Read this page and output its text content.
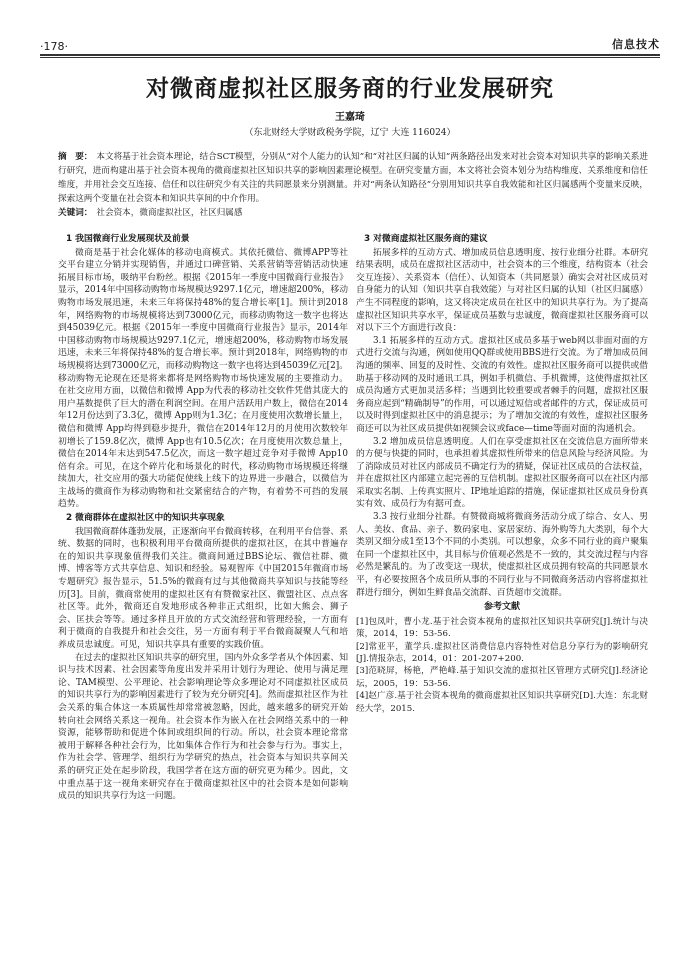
·178·	信息技术
对微商虚拟社区服务商的行业发展研究
王嘉琦
（东北财经大学财政税务学院，辽宁 大连 116024）
摘　要： 本文将基于社会资本理论，结合SCT模型，分别从“对个人能力的认知”和“对社区归属的认知”两条路径出发来对社会资本对知识共享的影响关系进行研究，进而构建出基于社会资本视角的微商虚拟社区知识共享的影响因素理论模型。在研究变量方面，本文将社会资本划分为结构维度、关系维度和信任维度，并用社会交互连接、信任和以往研究少有关注的共同愿景来分别测量。并对“两条认知路径”分别用知识共享自我效能和社区归属感两个变量来反映，探索这两个变量在社会资本和知识共享间的中介作用。
关键词： 社会资本，微商虚拟社区，社区归属感
1 我国微商行业发展现状及前景

微商是基于社会化媒体的移动电商模式。其依托微信、微博APP等社交平台建立分销并实现销售，并通过口碑营销、关系营销等营销活动快速拓展目标市场，吸纳平台粉丝。根据《2015年一季度中国微商行业报告》显示，2014年中国移动购物市场规模达9297.1亿元，增速超200%，移动购物市场发展迅速，未来三年将保持48%的复合增长率[1]。预计到2018年，网络购物的市场规模将达到73000亿元，而移动购物这一数字也将达到45039亿元。根据《2015年一季度中国微商行业报告》显示，2014年中国移动购物市场规模达9297.1亿元，增速超200%，移动购物市场发展迅速，未来三年将保持48%的复合增长率。预计到2018年，网络购物的市场规模将达到73000亿元，而移动购物这一数字也将达到45039亿元[2]。移动购物无论现在还是将来都将是网络购物市场快速发展的主要推动力。在社交应用方面，以微信和微博 App为代表的移动社交软件凭借其庞大的用户基数提供了巨大的潜在利润空间。在用户活跃用户数上，微信在2014年12月份达到了3.3亿，微博 App则为1.3亿；在月度使用次数增长量上，微信和微博 App均得到稳步提升，微信在2014年12月的月使用次数较年初增长了159.8亿次，微博 App也有10.5亿次；在月度使用次数总量上，微信在2014年末达到547.5亿次，而这一数字超过竞争对手微博 App10倍有余。可见，在这个碎片化和场景化的时代，移动购物市场规模还将继续加大，社交应用的强大功能促使线上线下的边界进一步融合，以微信为主战场的微商作为移动购物和社交紧密结合的产物，有着势不可挡的发展趋势。

2 微商群体在虚拟社区中的知识共享现象

我国微商群体蓬勃发展，正逐渐向平台微商转移，在利用平台信誉、系统、数据的同时，也积极利用平台微商所提供的虚拟社区，在其中普遍存在的知识共享现象值得我们关注。微商间通过BBS论坛、微信社群、微博、博客等方式共享信息、知识和经验。易观智库《中国2015年微商市场专题研究》报告显示，51.5%的微商有过与其他微商共享知识与技能等经历[3]。目前，微商常使用的虚拟社区有有赞微家社区、微盟社区、点点客社区等。此外，微商还自发地形成各种非正式组织，比如大熊会、狮子会、匡扶会等等。通过多样且开放的方式交流经营和管理经验，一方面有利于微商的自我提升和社会交往，另一方面有利于平台微商凝聚人气和培养成员忠诚度。可见，知识共享具有重要的实践价值。

在过去的虚拟社区知识共享的研究里，国内外众多学者从个体因素、知识与技术因素、社会因素等角度出发并采用计划行为理论、使用与满足理论、TAM模型、公平理论、社会影响理论等众多理论对不同虚拟社区成员的知识共享行为的影响因素进行了较为充分研究[4]。然而虚拟社区作为社会关系的集合体这一本质属性却常常被忽略，因此，越来越多的研究开始转向社会网络关系这一视角。社会资本作为嵌入在社会网络关系中的一种资源，能够帮助和促进个体间或组织间的行动。所以，社会资本理论常常被用于解释各种社会行为，比如集体合作行为和社会参与行为。事实上，作为社会学、管理学、组织行为学研究的热点，社会资本与知识共享间关系的研究正处在起步阶段，我国学者在这方面的研究更为稀少。因此，文中重点基于这一视角来研究存在于微商虚拟社区中的社会资本是如何影响成员的知识共享行为这一问题。

3 对微商虚拟社区服务商的建议

拓展多样的互动方式、增加成员信息透明度、按行业细分社群。本研究结果表明，成员在虚拟社区活动中，社会资本的三个维度，结构资本（社会交互连接）、关系资本（信任）、认知资本（共同愿景）确实会对社区成员对自身能力的认知（知识共享自我效能）与对社区归属的认知（社区归属感）产生不同程度的影响，这又将决定成员在社区中的知识共享行为。为了提高虚拟社区知识共享水平，保证成员基数与忠诚度，微商虚拟社区服务商可以对以下三个方面进行改良：

3.1 拓展多样的互动方式。虚拟社区成员多基于web网以非面对面的方式进行交流与沟通，例如使用QQ群或使用BBS进行交流。为了增加成员间沟通的频率、回复的及时性、交流的有效性。虚拟社区服务商可以提供或借助基于移动网的及时通讯工具，例如手机微信、手机微博，这使得虚拟社区成员沟通方式更加灵活多样；当遇到比较重要或者棘手的问题，虚拟社区服务商应起到“精确制导”的作用，可以通过短信或者邮件的方式，保证成员可以及时得到虚拟社区中的消息提示；为了增加交流的有效性，虚拟社区服务商还可以为社区成员提供如视频会议或face—time等面对面的沟通机会。

3.2 增加成员信息透明度。人们在享受虚拟社区在交流信息方面所带来的方便与快捷的同时，也承担着其虚拟性所带来的信息风险与经济风险。为了消除成员对社区内部成员不确定行为的猜疑，保证社区成员的合法权益，并在虚拟社区内部建立起完善的互信机制。虚拟社区服务商可以在社区内部采取实名制、上传真实照片、IP地址追踪的措施，保证虚拟社区成员身份真实有效、成员行为有据可查。

3.3 按行业细分社群。有赞微商城将微商务活动分成了综合、女人、男人、美妆、食品、亲子、数码家电、家居家纺、海外购等九大类别，每个大类别又细分成1至13个不同的小类别。可以想象，众多不同行业的商户聚集在同一个虚拟社区中，其目标与价值观必然是不一致的，其交流过程与内容必然是繁乱的。为了改变这一现状，使虚拟社区成员拥有较高的共同愿景水平，有必要按照各个成员所从事的不同行业与不同微商务活动内容将虚拟社群进行细分，例如生鲜食品交流群、百货超市交流群。

参考文献

[1]包凤叶，曹小龙.基于社会资本视角的虚拟社区知识共享研究[J].统计与决策，2014，19：53-56.

[2]常亚平，董学兵.虚拟社区消费信息内容特性对信息分享行为的影响研究[J].情报杂志，2014，01：201-207+200.

[3]范晓屏，杨艳，严艳峰.基于知识交流的虚拟社区管理方式研究[J].经济论坛，2005，19：53-56.

[4]赵广彦.基于社会资本视角的微商虚拟社区知识共享研究[D].大连：东北财经大学，2015.
